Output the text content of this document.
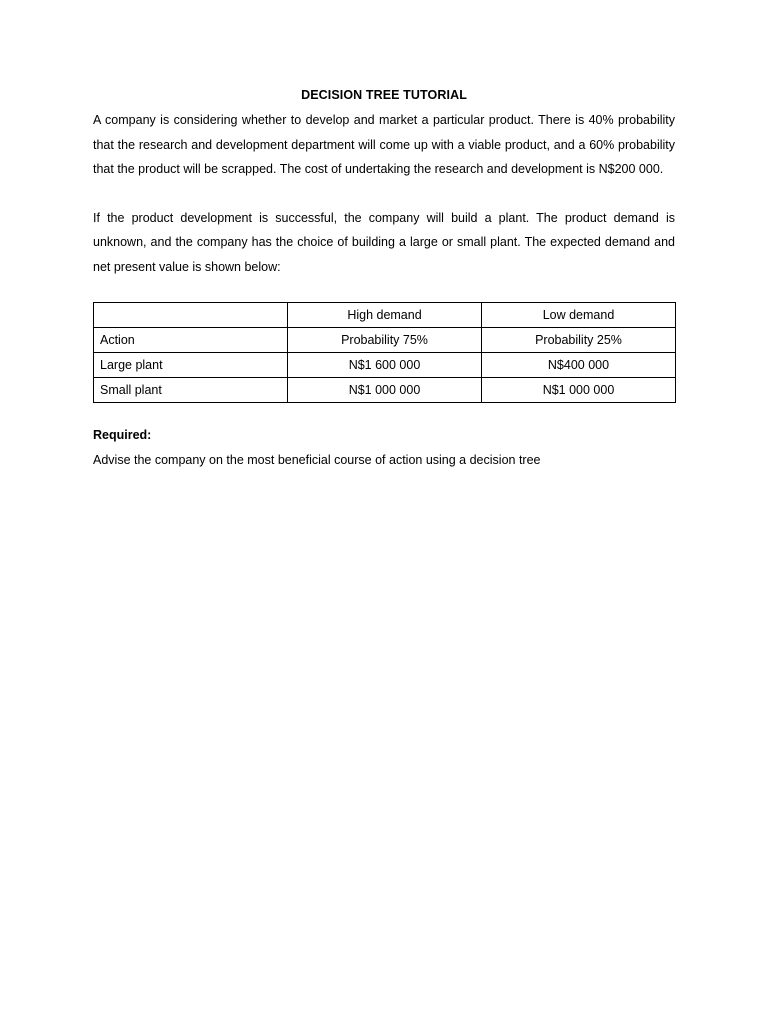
DECISION TREE TUTORIAL

A company is considering whether to develop and market a particular product. There is 40% probability that the research and development department will come up with a viable product, and a 60% probability that the product will be scrapped. The cost of undertaking the research and development is N$200 000.

If the product development is successful, the company will build a plant. The product demand is unknown, and the company has the choice of building a large or small plant. The expected demand and net present value is shown below:

	High demand	Low demand
Action	Probability 75%	Probability 25%
Large plant	N$1 600 000	N$400 000
Small plant	N$1 000 000	N$1 000 000
Required:
Advise the company on the most beneficial course of action using a decision tree
